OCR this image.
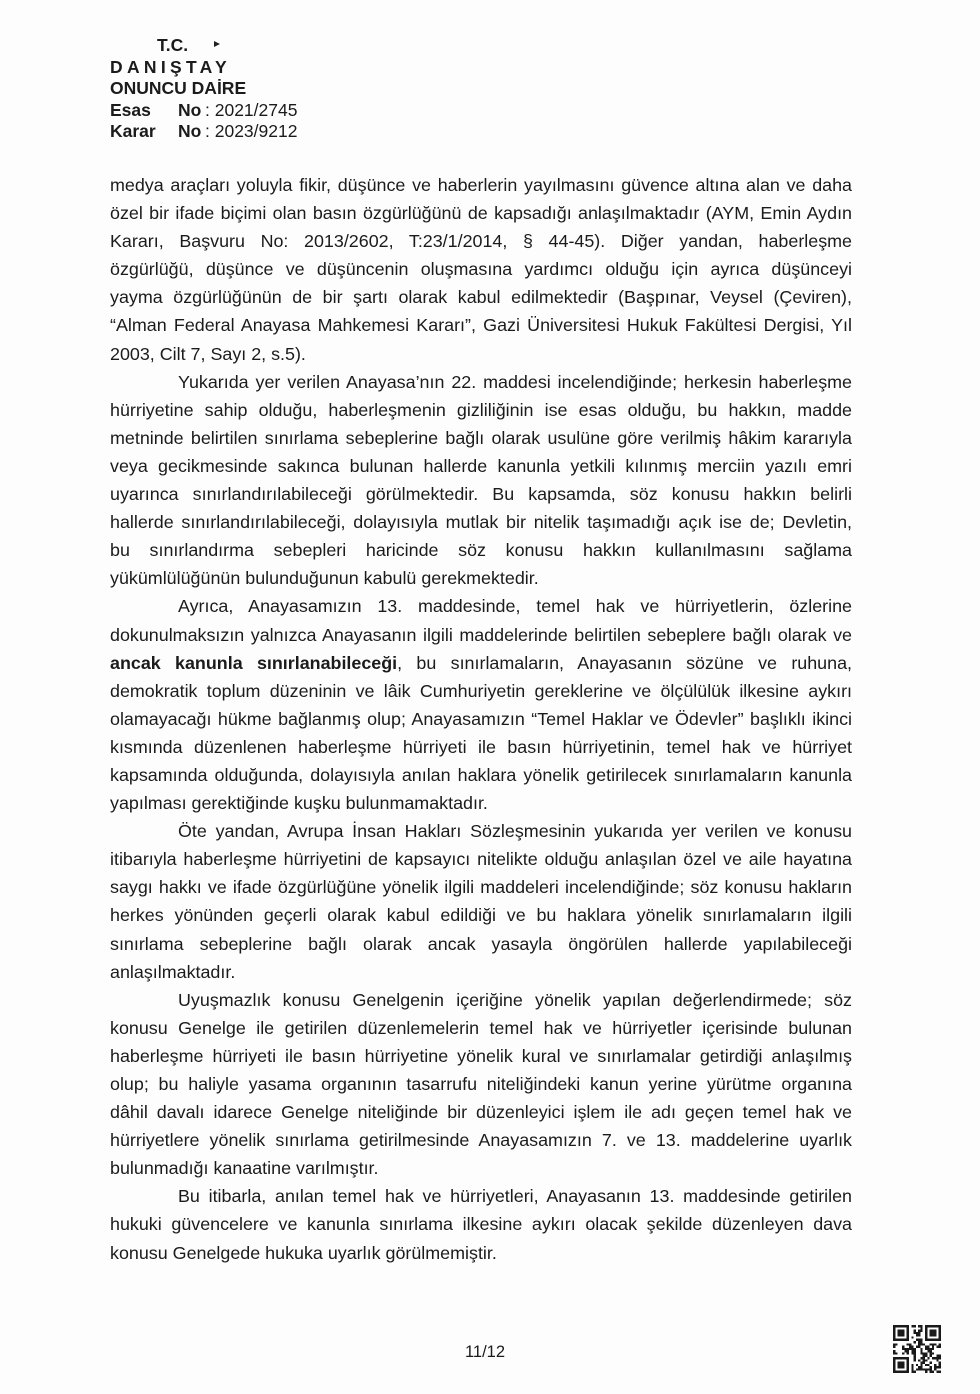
T.C.
DANIŞTAY
ONUNCU DAİRE
Esas No : 2021/2745
Karar No : 2023/9212
medya araçları yoluyla fikir, düşünce ve haberlerin yayılmasını güvence altına alan ve daha
özel bir ifade biçimi olan basın özgürlüğünü de kapsadığı anlaşılmaktadır (AYM, Emin Aydın
Kararı, Başvuru No: 2013/2602, T:23/1/2014, § 44-45). Diğer yandan, haberleşme
özgürlüğü, düşünce ve düşüncenin oluşmasına yardımcı olduğu için ayrıca düşünceyi
yayma özgürlüğünün de bir şartı olarak kabul edilmektedir (Başpınar, Veysel (Çeviren),
“Alman Federal Anayasa Mahkemesi Kararı”, Gazi Üniversitesi Hukuk Fakültesi Dergisi, Yıl
2003, Cilt 7, Sayı 2, s.5).
Yukarıda yer verilen Anayasa’nın 22. maddesi incelendiğinde; herkesin haberleşme
hürriyetine sahip olduğu, haberleşmenin gizliliğinin ise esas olduğu, bu hakkın, madde
metninde belirtilen sınırlama sebeplerine bağlı olarak usulüne göre verilmiş hâkim kararıyla
veya gecikmesinde sakınca bulunan hallerde kanunla yetkili kılınmış merciin yazılı emri
uyarınca sınırlandırılabileceği görülmektedir. Bu kapsamda, söz konusu hakkın belirli
hallerde sınırlandırılabileceği, dolayısıyla mutlak bir nitelik taşımadığı açık ise de; Devletin,
bu sınırlandırma sebepleri haricinde söz konusu hakkın kullanılmasını sağlama
yükümlülüğünün bulunduğunun kabulü gerekmektedir.
Ayrıca, Anayasamızın 13. maddesinde, temel hak ve hürriyetlerin, özlerine
dokunulmaksızın yalnızca Anayasanın ilgili maddelerinde belirtilen sebeplere bağlı olarak ve
ancak kanunla sınırlanabileceği, bu sınırlamaların, Anayasanın sözüne ve ruhuna,
demokratik toplum düzeninin ve lâik Cumhuriyetin gereklerine ve ölçülülük ilkesine aykırı
olamayacağı hükme bağlanmış olup; Anayasamızın “Temel Haklar ve Ödevler” başlıklı ikinci
kısmında düzenlenen haberleşme hürriyeti ile basın hürriyetinin, temel hak ve hürriyet
kapsamında olduğunda, dolayısıyla anılan haklara yönelik getirilecek sınırlamaların kanunla
yapılması gerektiğinde kuşku bulunmamaktadır.
Öte yandan, Avrupa İnsan Hakları Sözleşmesinin yukarıda yer verilen ve konusu
itibarıyla haberleşme hürriyetini de kapsayıcı nitelikte olduğu anlaşılan özel ve aile hayatına
saygı hakkı ve ifade özgürlüğüne yönelik ilgili maddeleri incelendiğinde; söz konusu hakların
herkes yönünden geçerli olarak kabul edildiği ve bu haklara yönelik sınırlamaların ilgili
sınırlama sebeplerine bağlı olarak ancak yasayla öngörülen hallerde yapılabileceği
anlaşılmaktadır.
Uyuşmazlık konusu Genelgenin içeriğine yönelik yapılan değerlendirmede; söz
konusu Genelge ile getirilen düzenlemelerin temel hak ve hürriyetler içerisinde bulunan
haberleşme hürriyeti ile basın hürriyetine yönelik kural ve sınırlamalar getirdiği anlaşılmış
olup; bu haliyle yasama organının tasarrufu niteliğindeki kanun yerine yürütme organına
dâhil davalı idarece Genelge niteliğinde bir düzenleyici işlem ile adı geçen temel hak ve
hürriyetlere yönelik sınırlama getirilmesinde Anayasamızın 7. ve 13. maddelerine uyarlık
bulunmadığı kanaatine varılmıştır.
Bu itibarla, anılan temel hak ve hürriyetleri, Anayasanın 13. maddesinde getirilen
hukuki güvencelere ve kanunla sınırlama ilkesine aykırı olacak şekilde düzenleyen dava
konusu Genelgede hukuka uyarlık görülmemiştir.
11/12
